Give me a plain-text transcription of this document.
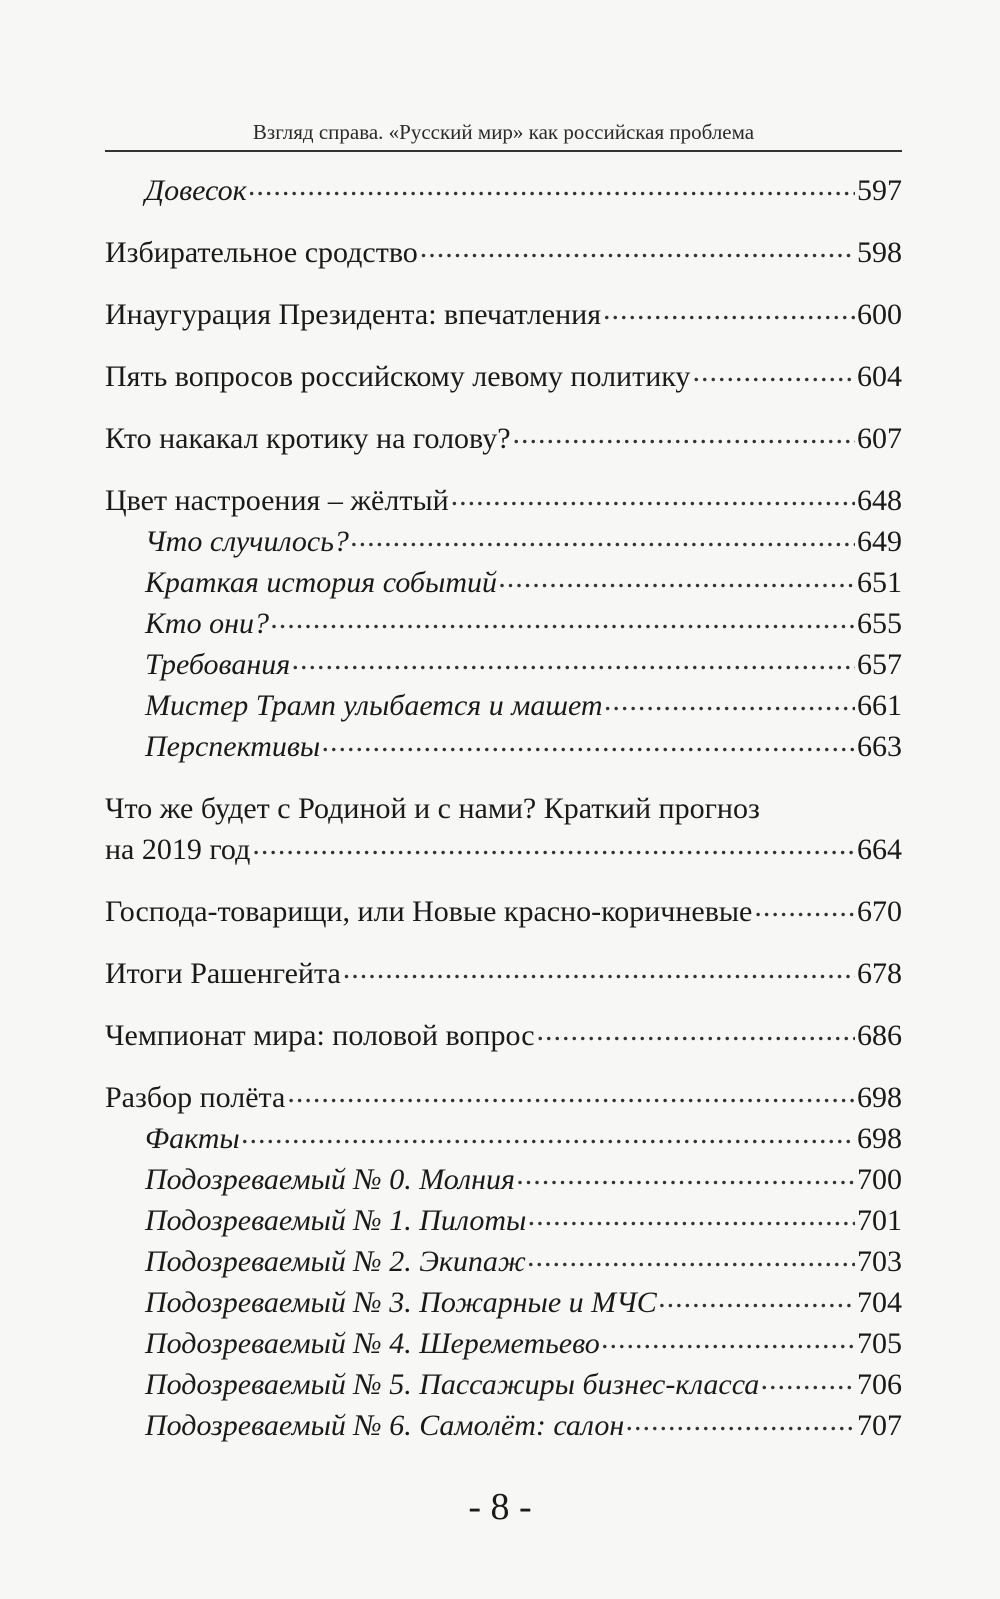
Взгляд справа. «Русский мир» как российская проблема
Довесок .....	597
Избирательное сродство .....	598
Инаугурация Президента: впечатления .....	600
Пять вопросов российскому левому политику .....	604
Кто накакал кротику на голову? .....	607
Цвет настроения – жёлтый .....	648
Что случилось? .....	649
Краткая история событий .....	651
Кто они? .....	655
Требования .....	657
Мистер Трамп улыбается и машет .....	661
Перспективы .....	663
Что же будет с Родиной и с нами? Краткий прогноз
на 2019 год .....	664
Господа-товарищи, или Новые красно-коричневые .....	670
Итоги Рашенгейта .....	678
Чемпионат мира: половой вопрос .....	686
Разбор полёта .....	698
Факты .....	698
Подозреваемый № 0. Молния .....	700
Подозреваемый № 1. Пилоты .....	701
Подозреваемый № 2. Экипаж .....	703
Подозреваемый № 3. Пожарные и МЧС .....	704
Подозреваемый № 4. Шереметьево .....	705
Подозреваемый № 5. Пассажиры бизнес-класса .....	706
Подозреваемый № 6. Самолёт: салон .....	707
- 8 -
